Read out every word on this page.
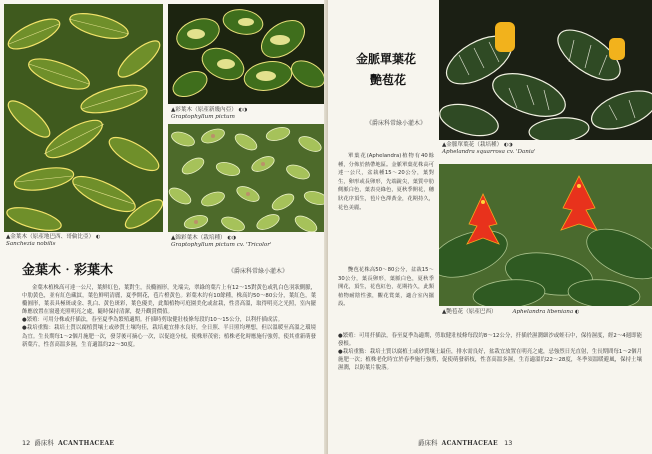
▲金葉木（原產地巴西、哥倫比亞） ◐
Sanchezia nobilis
▲彩葉木（原產新幾內亞） ◐◑
Graptophyllum pictum
▲錦彩葉木（栽培種） ◐◑
Graptophyllum pictum cv. 'Tricolor'
金葉木‧彩葉木	《爵床科常綠小灌木》

金葉木植株高可達一公尺，葉鮮紅色，葉對生，長橢圓形，先端尖，翠綠的葉片上有12～15對黃色或乳白色羽狀側脈，中肋黃色，並有紅色藏紋，葉色鮮明清麗，夏季開花，苞片橙黃色。彩葉木約有10餘種，株高約50～80公分，葉紅色，葉橢圓形，葉表具極斑或金、乳白、黃色斑彩，葉色優美，此類植物可庭園美化或盆栽，性喜高溫，取得明亮之光照，室內擺飾應放置在窗邊光照明亮之處，隨時保持清潔，提升觀賞價值。

●繁殖：可用分株或扦插法，春至夏季為繁殖適期。扦插時剪取健壯枝條每段約10～15公分，以利扦插成活。

●栽培重點：栽培土質以腐植質壤土或砂質土壤均佳，栽培處宜排水良好，全日照、半日照均理想，但以溫暖至高溫之環境為宜。生長期每1～2個月施肥一次，發芽後可摘心一次，以促進分枝，使株形茂密；植株老化時應施行強剪，使其重新萌發新葉片，性喜高溫多濕，生育適溫約22～30度。

12 爵床科 ACANTHACEAE
金脈單葉花
艷苞花
《爵床科常綠小灌木》
▲金脈單葉花（栽培種） ◐◑
Aphelandra squarrosa cv. 'Dania'

單葉花(Aphelandra)植物有40餘種，分佈於熱帶地區。金脈單葉花株高可達一公尺，盆栽種15～20公分，葉對生，卵形或長卵形，先端銳尖，葉質中肋側脈白色，葉表亮綠色，夏秋季開花，穗狀花序頂生，苞片色澤黃金，花期持久，花色美麗。

▲艷苞花（原產巴西）	Aphelandra libeniana ◐

艷苞花株高50～80公分，盆栽15～30公分，葉長卵形，葉脈白色，夏秋季開花，頂生，花苞紅色，花期持久，此類植物耐陰性強，觀花賞葉，適合室內擺設。

●繁殖：可用扦插法，春至夏季為適期，剪取健壯枝條每段約8～12公分，扦插於濕潤細沙或蛭石中，保持濕度，經2～4週即能發根。

●栽培重點：栽培土質以腐植土或砂質壤土最佳，排水需良好，盆栽宜放置在明亮之處，忌強烈日光直射，生長期間每1～2個月施肥一次；植株老化時宜於春季施行強剪，促使萌發新枝，性喜高溫多濕，生育適溫約22～28度，冬季須溫暖避風，保持土壤濕潤，以防葉片脫落。

爵床科 ACANTHACEAE 13
